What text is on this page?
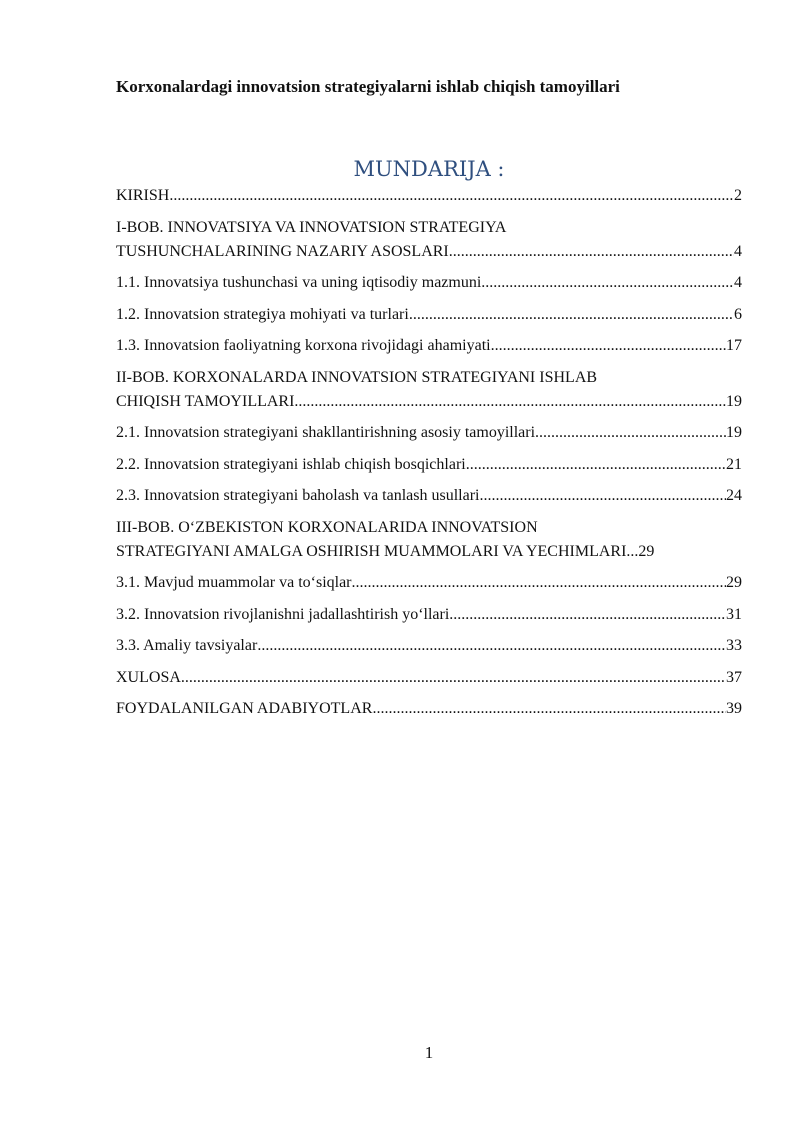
Korxonalardagi innovatsion strategiyalarni ishlab chiqish tamoyillari
MUNDARIJA :
KIRISH .....	2
I-BOB. INNOVATSIYA VA INNOVATSION STRATEGIYA
TUSHUNCHALARINING NAZARIY ASOSLARI .....	4
1.1. Innovatsiya tushunchasi va uning iqtisodiy mazmuni .....	4
1.2. Innovatsion strategiya mohiyati va turlari .....	6
1.3. Innovatsion faoliyatning korxona rivojidagi ahamiyati .....	17
II-BOB. KORXONALARDA INNOVATSION STRATEGIYANI ISHLAB
CHIQISH TAMOYILLARI .....	19
2.1. Innovatsion strategiyani shakllantirishning asosiy tamoyillari .....	19
2.2. Innovatsion strategiyani ishlab chiqish bosqichlari .....	21
2.3. Innovatsion strategiyani baholash va tanlash usullari .....	24
III-BOB. O‘ZBEKISTON KORXONALARIDA INNOVATSION
STRATEGIYANI AMALGA OSHIRISH MUAMMOLARI VA YECHIMLARI. ..... 29
3.1. Mavjud muammolar va to‘siqlar .....	29
3.2. Innovatsion rivojlanishni jadallashtirish yo‘llari .....	31
3.3. Amaliy tavsiyalar .....	33
XULOSA .....	37
FOYDALANILGAN ADABIYOTLAR .....	39
1
